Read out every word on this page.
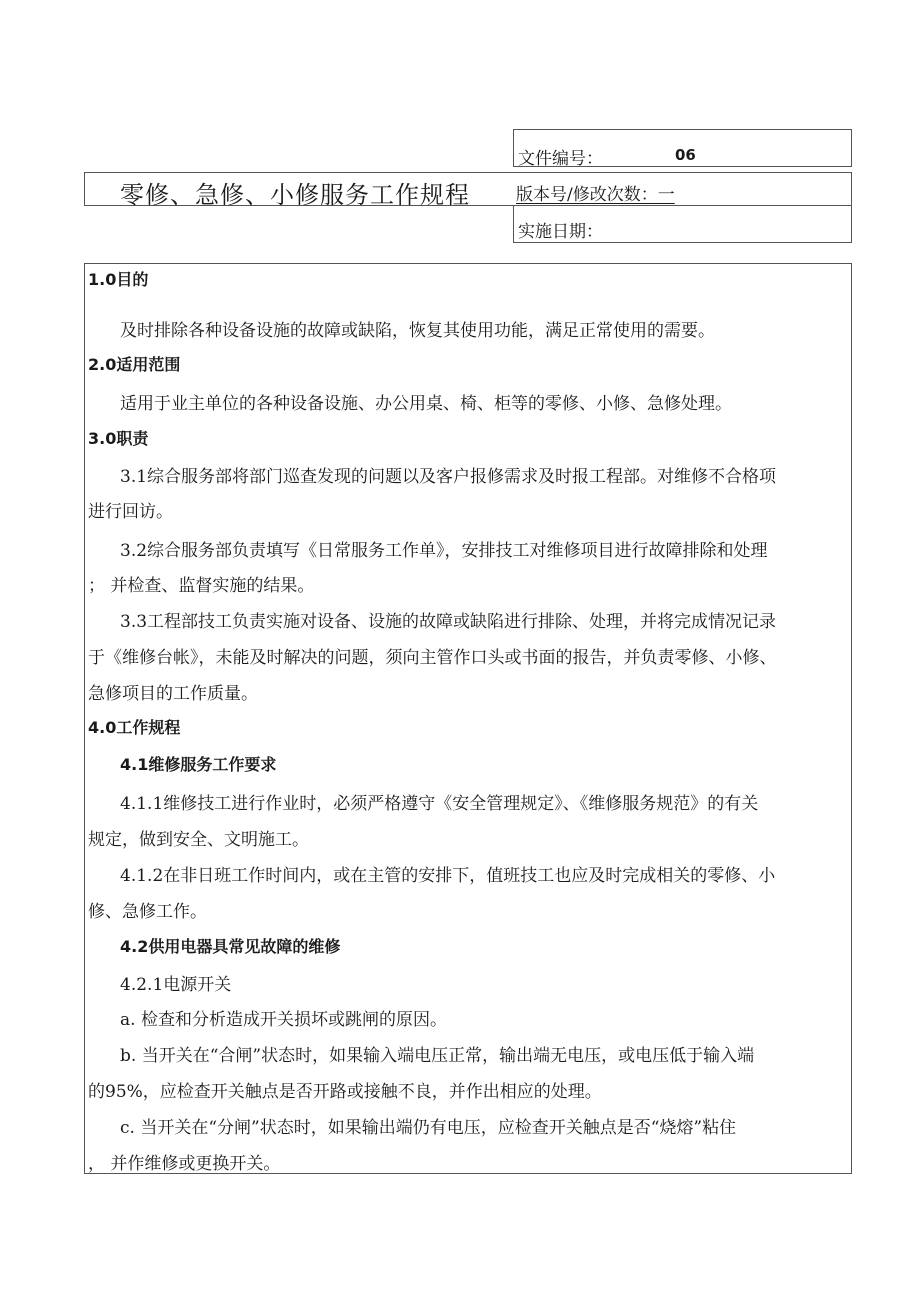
文件编号：	06
零修、急修、小修服务工作规程	版本号/修改次数：一
实施日期：
1.0目的
及时排除各种设备设施的故障或缺陷，恢复其使用功能，满足正常使用的需要。
2.0适用范围
适用于业主单位的各种设备设施、办公用桌、椅、柜等的零修、小修、急修处理。
3.0职责
3.1综合服务部将部门巡查发现的问题以及客户报修需求及时报工程部。对维修不合格项
进行回访。
3.2综合服务部负责填写《日常服务工作单》，安排技工对维修项目进行故障排除和处理
； 并检查、监督实施的结果。
3.3工程部技工负责实施对设备、设施的故障或缺陷进行排除、处理，并将完成情况记录
于《维修台帐》，未能及时解决的问题，须向主管作口头或书面的报告，并负责零修、小修、
急修项目的工作质量。
4.0工作规程
4.1维修服务工作要求
4.1.1维修技工进行作业时，必须严格遵守《安全管理规定》、《维修服务规范》的有关
规定，做到安全、文明施工。
4.1.2在非日班工作时间内，或在主管的安排下，值班技工也应及时完成相关的零修、小
修、急修工作。
4.2供用电器具常见故障的维修
4.2.1电源开关
a. 检查和分析造成开关损坏或跳闸的原因。
b. 当开关在“合闸”状态时，如果输入端电压正常，输出端无电压，或电压低于输入端
的95%，应检查开关触点是否开路或接触不良，并作出相应的处理。
c. 当开关在“分闸”状态时，如果输出端仍有电压，应检查开关触点是否“烧熔”粘住
， 并作维修或更换开关。
